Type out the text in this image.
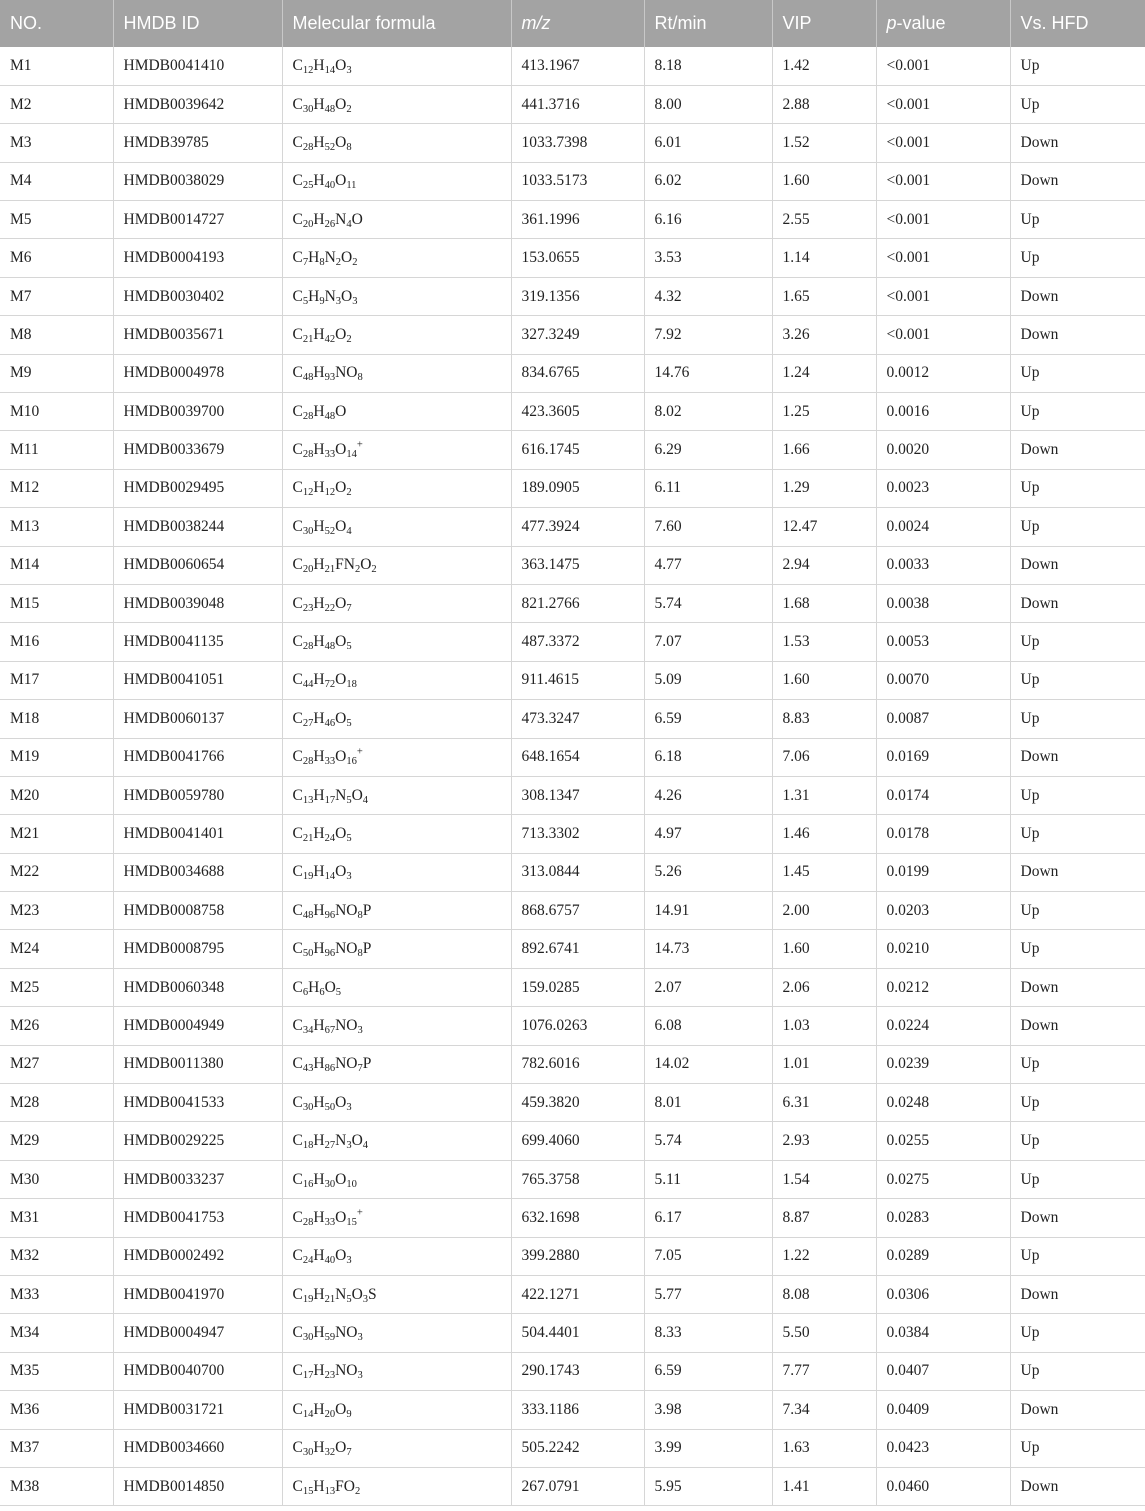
NO.	HMDB ID	Melecular formula	m/z	Rt/min	VIP	p-value	Vs. HFD
M1	HMDB0041410	$C_{12}H_{14}O_3$	413.1967	8.18	1.42	<0.001	Up
M2	HMDB0039642	$C_{30}H_{48}O_2$	441.3716	8.00	2.88	<0.001	Up
M3	HMDB39785	$C_{28}H_{52}O_8$	1033.7398	6.01	1.52	<0.001	Down
M4	HMDB0038029	$C_{25}H_{40}O_{11}$	1033.5173	6.02	1.60	<0.001	Down
M5	HMDB0014727	$C_{20}H_{26}N_4O$	361.1996	6.16	2.55	<0.001	Up
M6	HMDB0004193	$C_7H_8N_2O_2$	153.0655	3.53	1.14	<0.001	Up
M7	HMDB0030402	$C_5H_9N_3O_3$	319.1356	4.32	1.65	<0.001	Down
M8	HMDB0035671	$C_{21}H_{42}O_2$	327.3249	7.92	3.26	<0.001	Down
M9	HMDB0004978	$C_{48}H_{93}NO_8$	834.6765	14.76	1.24	0.0012	Up
M10	HMDB0039700	$C_{28}H_{48}O$	423.3605	8.02	1.25	0.0016	Up
M11	HMDB0033679	$C_{28}H_{33}O_{14}^+$	616.1745	6.29	1.66	0.0020	Down
M12	HMDB0029495	$C_{12}H_{12}O_2$	189.0905	6.11	1.29	0.0023	Up
M13	HMDB0038244	$C_{30}H_{52}O_4$	477.3924	7.60	12.47	0.0024	Up
M14	HMDB0060654	$C_{20}H_{21}FN_2O_2$	363.1475	4.77	2.94	0.0033	Down
M15	HMDB0039048	$C_{23}H_{22}O_7$	821.2766	5.74	1.68	0.0038	Down
M16	HMDB0041135	$C_{28}H_{48}O_5$	487.3372	7.07	1.53	0.0053	Up
M17	HMDB0041051	$C_{44}H_{72}O_{18}$	911.4615	5.09	1.60	0.0070	Up
M18	HMDB0060137	$C_{27}H_{46}O_5$	473.3247	6.59	8.83	0.0087	Up
M19	HMDB0041766	$C_{28}H_{33}O_{16}^+$	648.1654	6.18	7.06	0.0169	Down
M20	HMDB0059780	$C_{13}H_{17}N_5O_4$	308.1347	4.26	1.31	0.0174	Up
M21	HMDB0041401	$C_{21}H_{24}O_5$	713.3302	4.97	1.46	0.0178	Up
M22	HMDB0034688	$C_{19}H_{14}O_3$	313.0844	5.26	1.45	0.0199	Down
M23	HMDB0008758	$C_{48}H_{96}NO_8P$	868.6757	14.91	2.00	0.0203	Up
M24	HMDB0008795	$C_{50}H_{96}NO_8P$	892.6741	14.73	1.60	0.0210	Up
M25	HMDB0060348	$C_6H_6O_5$	159.0285	2.07	2.06	0.0212	Down
M26	HMDB0004949	$C_{34}H_{67}NO_3$	1076.0263	6.08	1.03	0.0224	Down
M27	HMDB0011380	$C_{43}H_{86}NO_7P$	782.6016	14.02	1.01	0.0239	Up
M28	HMDB0041533	$C_{30}H_{50}O_3$	459.3820	8.01	6.31	0.0248	Up
M29	HMDB0029225	$C_{18}H_{27}N_3O_4$	699.4060	5.74	2.93	0.0255	Up
M30	HMDB0033237	$C_{16}H_{30}O_{10}$	765.3758	5.11	1.54	0.0275	Up
M31	HMDB0041753	$C_{28}H_{33}O_{15}^+$	632.1698	6.17	8.87	0.0283	Down
M32	HMDB0002492	$C_{24}H_{40}O_3$	399.2880	7.05	1.22	0.0289	Up
M33	HMDB0041970	$C_{19}H_{21}N_5O_3S$	422.1271	5.77	8.08	0.0306	Down
M34	HMDB0004947	$C_{30}H_{59}NO_3$	504.4401	8.33	5.50	0.0384	Up
M35	HMDB0040700	$C_{17}H_{23}NO_3$	290.1743	6.59	7.77	0.0407	Up
M36	HMDB0031721	$C_{14}H_{20}O_9$	333.1186	3.98	7.34	0.0409	Down
M37	HMDB0034660	$C_{30}H_{32}O_7$	505.2242	3.99	1.63	0.0423	Up
M38	HMDB0014850	$C_{15}H_{13}FO_2$	267.0791	5.95	1.41	0.0460	Down
